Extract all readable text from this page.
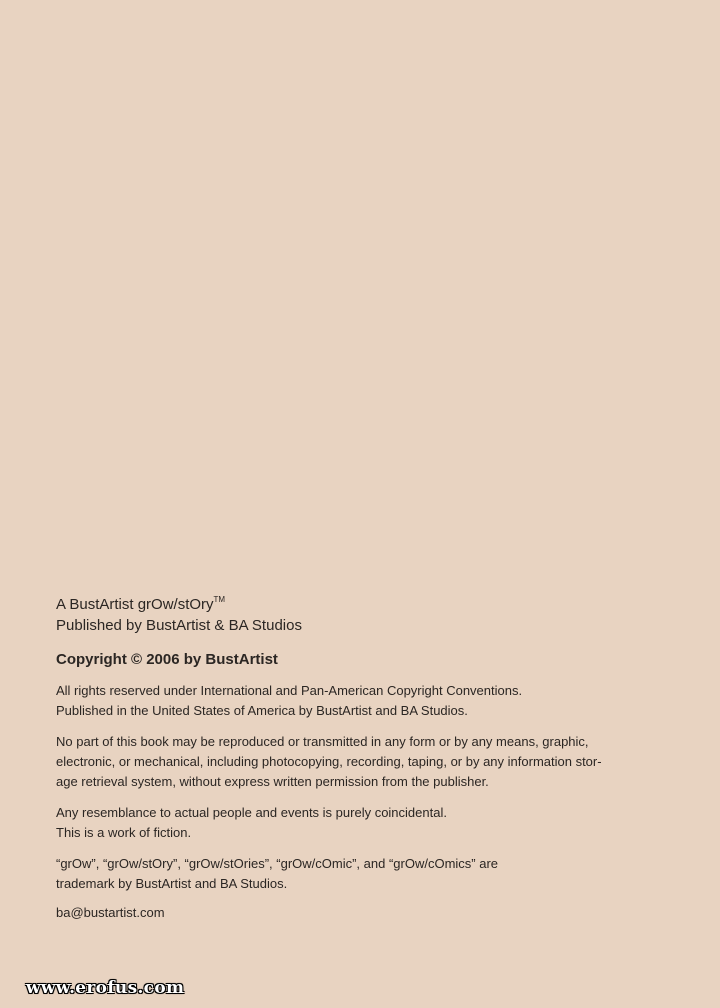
A BustArtist grOw/stOry™
Published by BustArtist & BA Studios
Copyright © 2006 by BustArtist
All rights reserved under International and Pan-American Copyright Conventions.
Published in the United States of America by BustArtist and BA Studios.
No part of this book may be reproduced or transmitted in any form or by any means, graphic,
electronic, or mechanical, including photocopying, recording, taping, or by any information stor-
age retrieval system, without express written permission from the publisher.
Any resemblance to actual people and events is purely coincidental.
This is a work of fiction.
“grOw”, “grOw/stOry”, “grOw/stOries”, “grOw/cOmic”, and “grOw/cOmics” are
trademark by BustArtist and BA Studios.
ba@bustartist.com
www.erofus.com
